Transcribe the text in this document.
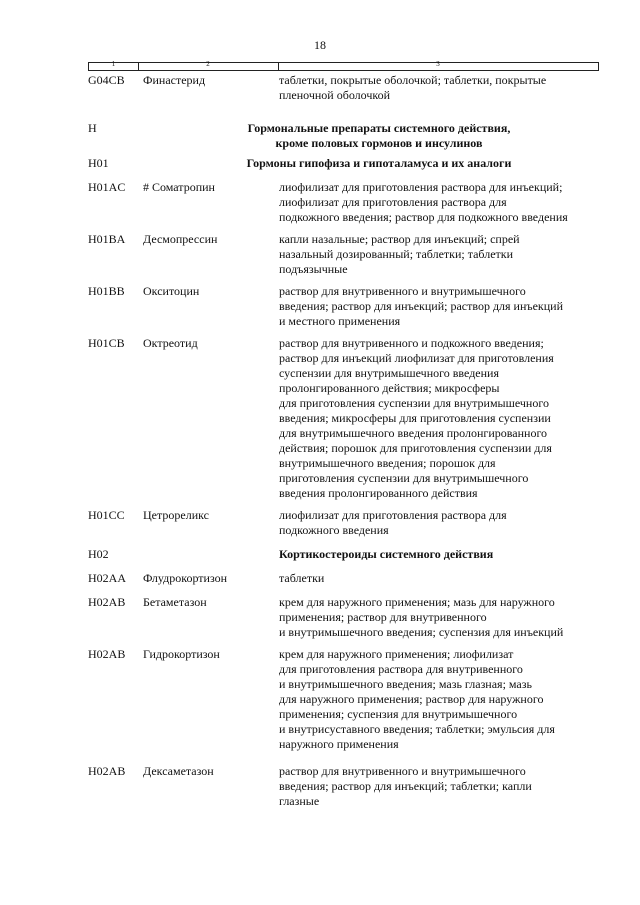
18
1	2	3
G04CB	Финастерид	таблетки, покрытые оболочкой; таблетки, покрытые
пленочной оболочкой
H	Гормональные препараты системного действия,
кроме половых гормонов и инсулинов
H01	Гормоны гипофиза и гипоталамуса и их аналоги
H01AC	# Соматропин	лиофилизат для приготовления раствора для инъекций;
лиофилизат для приготовления раствора для
подкожного введения; раствор для подкожного введения
H01BA	Десмопрессин	капли назальные; раствор для инъекций; спрей
назальный дозированный; таблетки; таблетки
подъязычные
H01BB	Окситоцин	раствор для внутривенного и внутримышечного
введения; раствор для инъекций; раствор для инъекций
и местного применения
H01CB	Октреотид	раствор для внутривенного и подкожного введения;
раствор для инъекций лиофилизат для приготовления
суспензии для внутримышечного введения
пролонгированного действия; микросферы
для приготовления суспензии для внутримышечного
введения; микросферы для приготовления суспензии
для внутримышечного введения пролонгированного
действия; порошок для приготовления суспензии для
внутримышечного введения; порошок для
приготовления суспензии для внутримышечного
введения пролонгированного действия
H01CC	Цетрореликс	лиофилизат для приготовления раствора для
подкожного введения
H02	Кортикостероиды системного действия
H02AA	Флудрокортизон	таблетки
H02AB	Бетаметазон	крем для наружного применения; мазь для наружного
применения; раствор для внутривенного
и внутримышечного введения; суспензия для инъекций
H02AB	Гидрокортизон	крем для наружного применения; лиофилизат
для приготовления раствора для внутривенного
и внутримышечного введения; мазь глазная; мазь
для наружного применения; раствор для наружного
применения; суспензия для внутримышечного
и внутрисуставного введения; таблетки; эмульсия для
наружного применения
H02AB	Дексаметазон	раствор для внутривенного и внутримышечного
введения; раствор для инъекций; таблетки; капли
глазные
